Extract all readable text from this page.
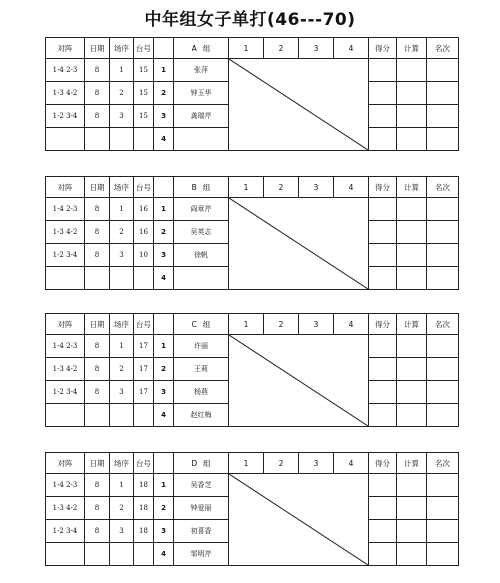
中年组女子单打(46---70)
对阵	日期	场序	台号		A 组	1	2	3	4	得分	计算	名次
1-4 2-3	8	1	15	1	张萍	

1-3 4-2	8	2	15	2	钟玉华							
1-2 3-4	8	3	15	3	龚瑞芹							
				4								
对阵	日期	场序	台号		B 组	1	2	3	4	得分	计算	名次
1-4 2-3	8	1	16	1	阎章芹	

1-3 4-2	8	2	16	2	吴英志							
1-2 3-4	8	3	10	3	徐帆							
				4								
对阵	日期	场序	台号		C 组	1	2	3	4	得分	计算	名次
1-4 2-3	8	1	17	1	许丽	

1-3 4-2	8	2	17	2	王莉							
1-2 3-4	8	3	17	3	杨燕							
				4	赵红梅							
对阵	日期	场序	台号		D 组	1	2	3	4	得分	计算	名次
1-4 2-3	8	1	18	1	吴香芝	

1-3 4-2	8	2	18	2	钟爱丽							
1-2 3-4	8	3	18	3	初喜香							
				4	邹明芹							
